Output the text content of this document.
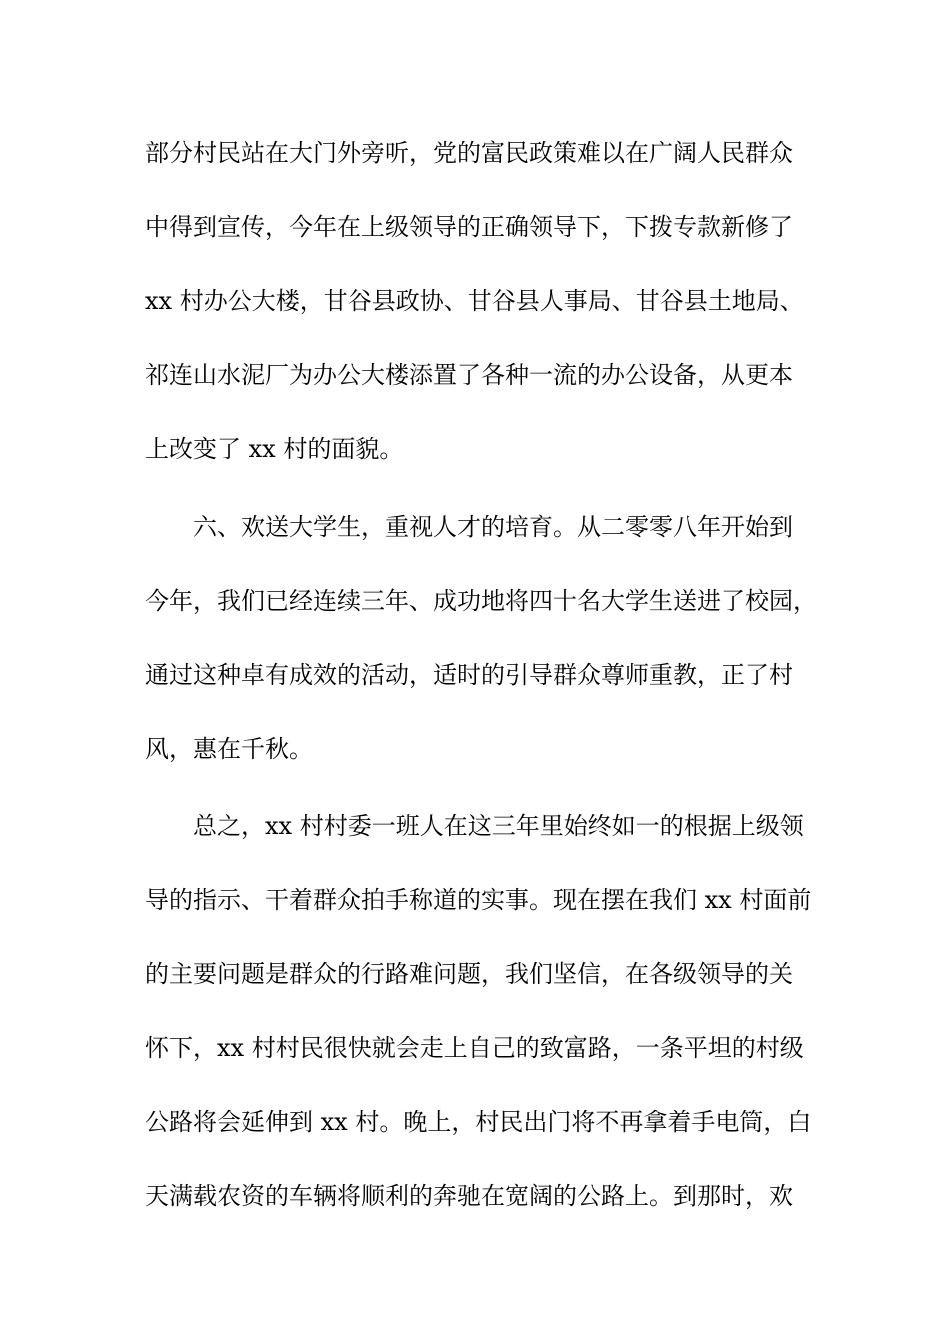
部分村民站在大门外旁听，党的富民政策难以在广阔人民群众
中得到宣传，今年在上级领导的正确领导下，下拨专款新修了
xx 村办公大楼，甘谷县政协、甘谷县人事局、甘谷县土地局、
祁连山水泥厂为办公大楼添置了各种一流的办公设备，从更本
上改变了 xx 村的面貌。
六、欢送大学生，重视人才的培育。从二零零八年开始到
今年，我们已经连续三年、成功地将四十名大学生送进了校园，
通过这种卓有成效的活动，适时的引导群众尊师重教，正了村
风，惠在千秋。
总之，xx 村村委一班人在这三年里始终如一的根据上级领
导的指示、干着群众拍手称道的实事。现在摆在我们 xx 村面前
的主要问题是群众的行路难问题，我们坚信，在各级领导的关
怀下，xx 村村民很快就会走上自己的致富路，一条平坦的村级
公路将会延伸到 xx 村。晚上，村民出门将不再拿着手电筒，白
天满载农资的车辆将顺利的奔驰在宽阔的公路上。到那时，欢
